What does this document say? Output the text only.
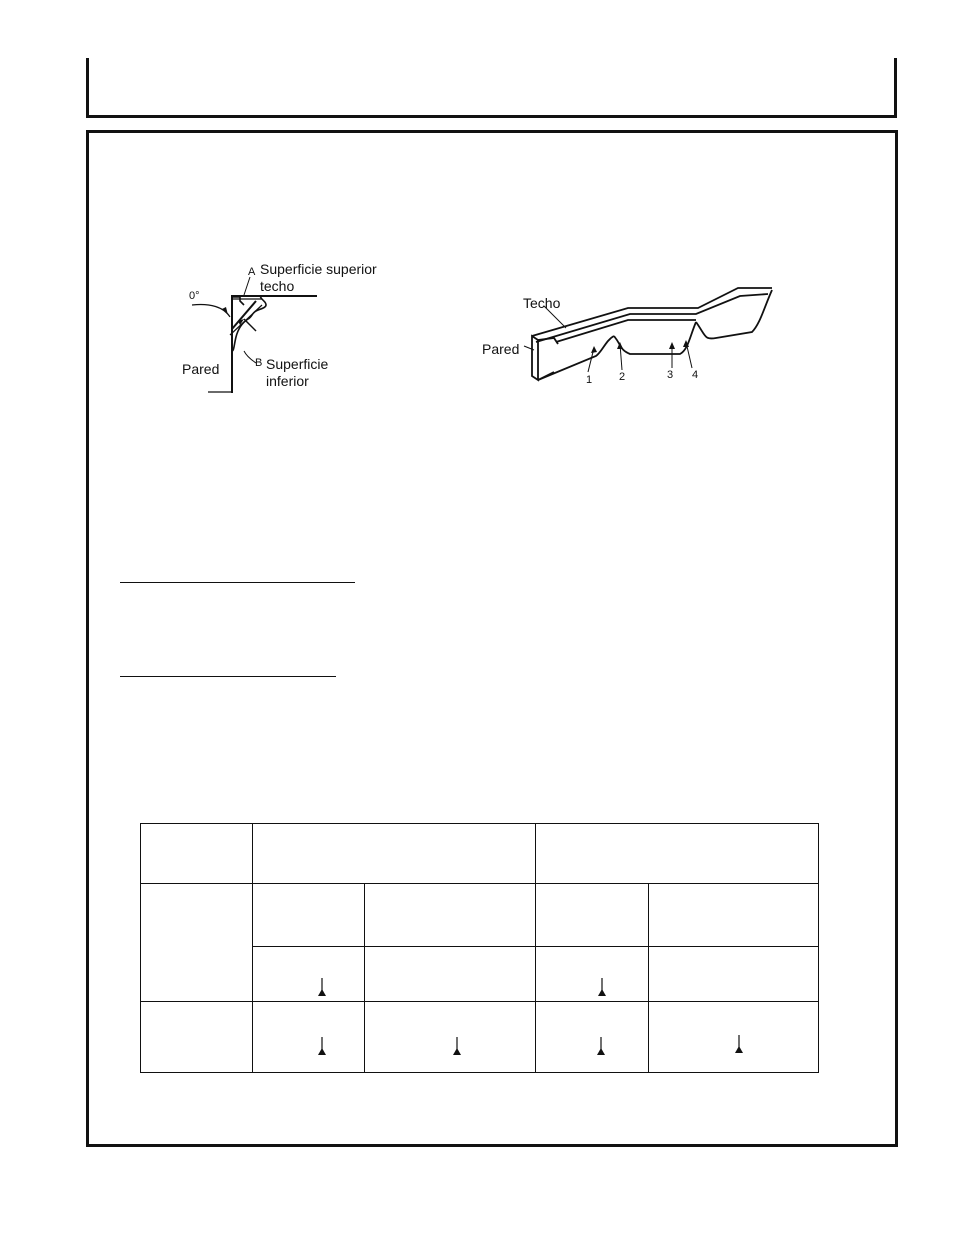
A Superficie superior
techo
0°
Pared	B Superficie
inferior
Techo
Pared
1 2	3 4
